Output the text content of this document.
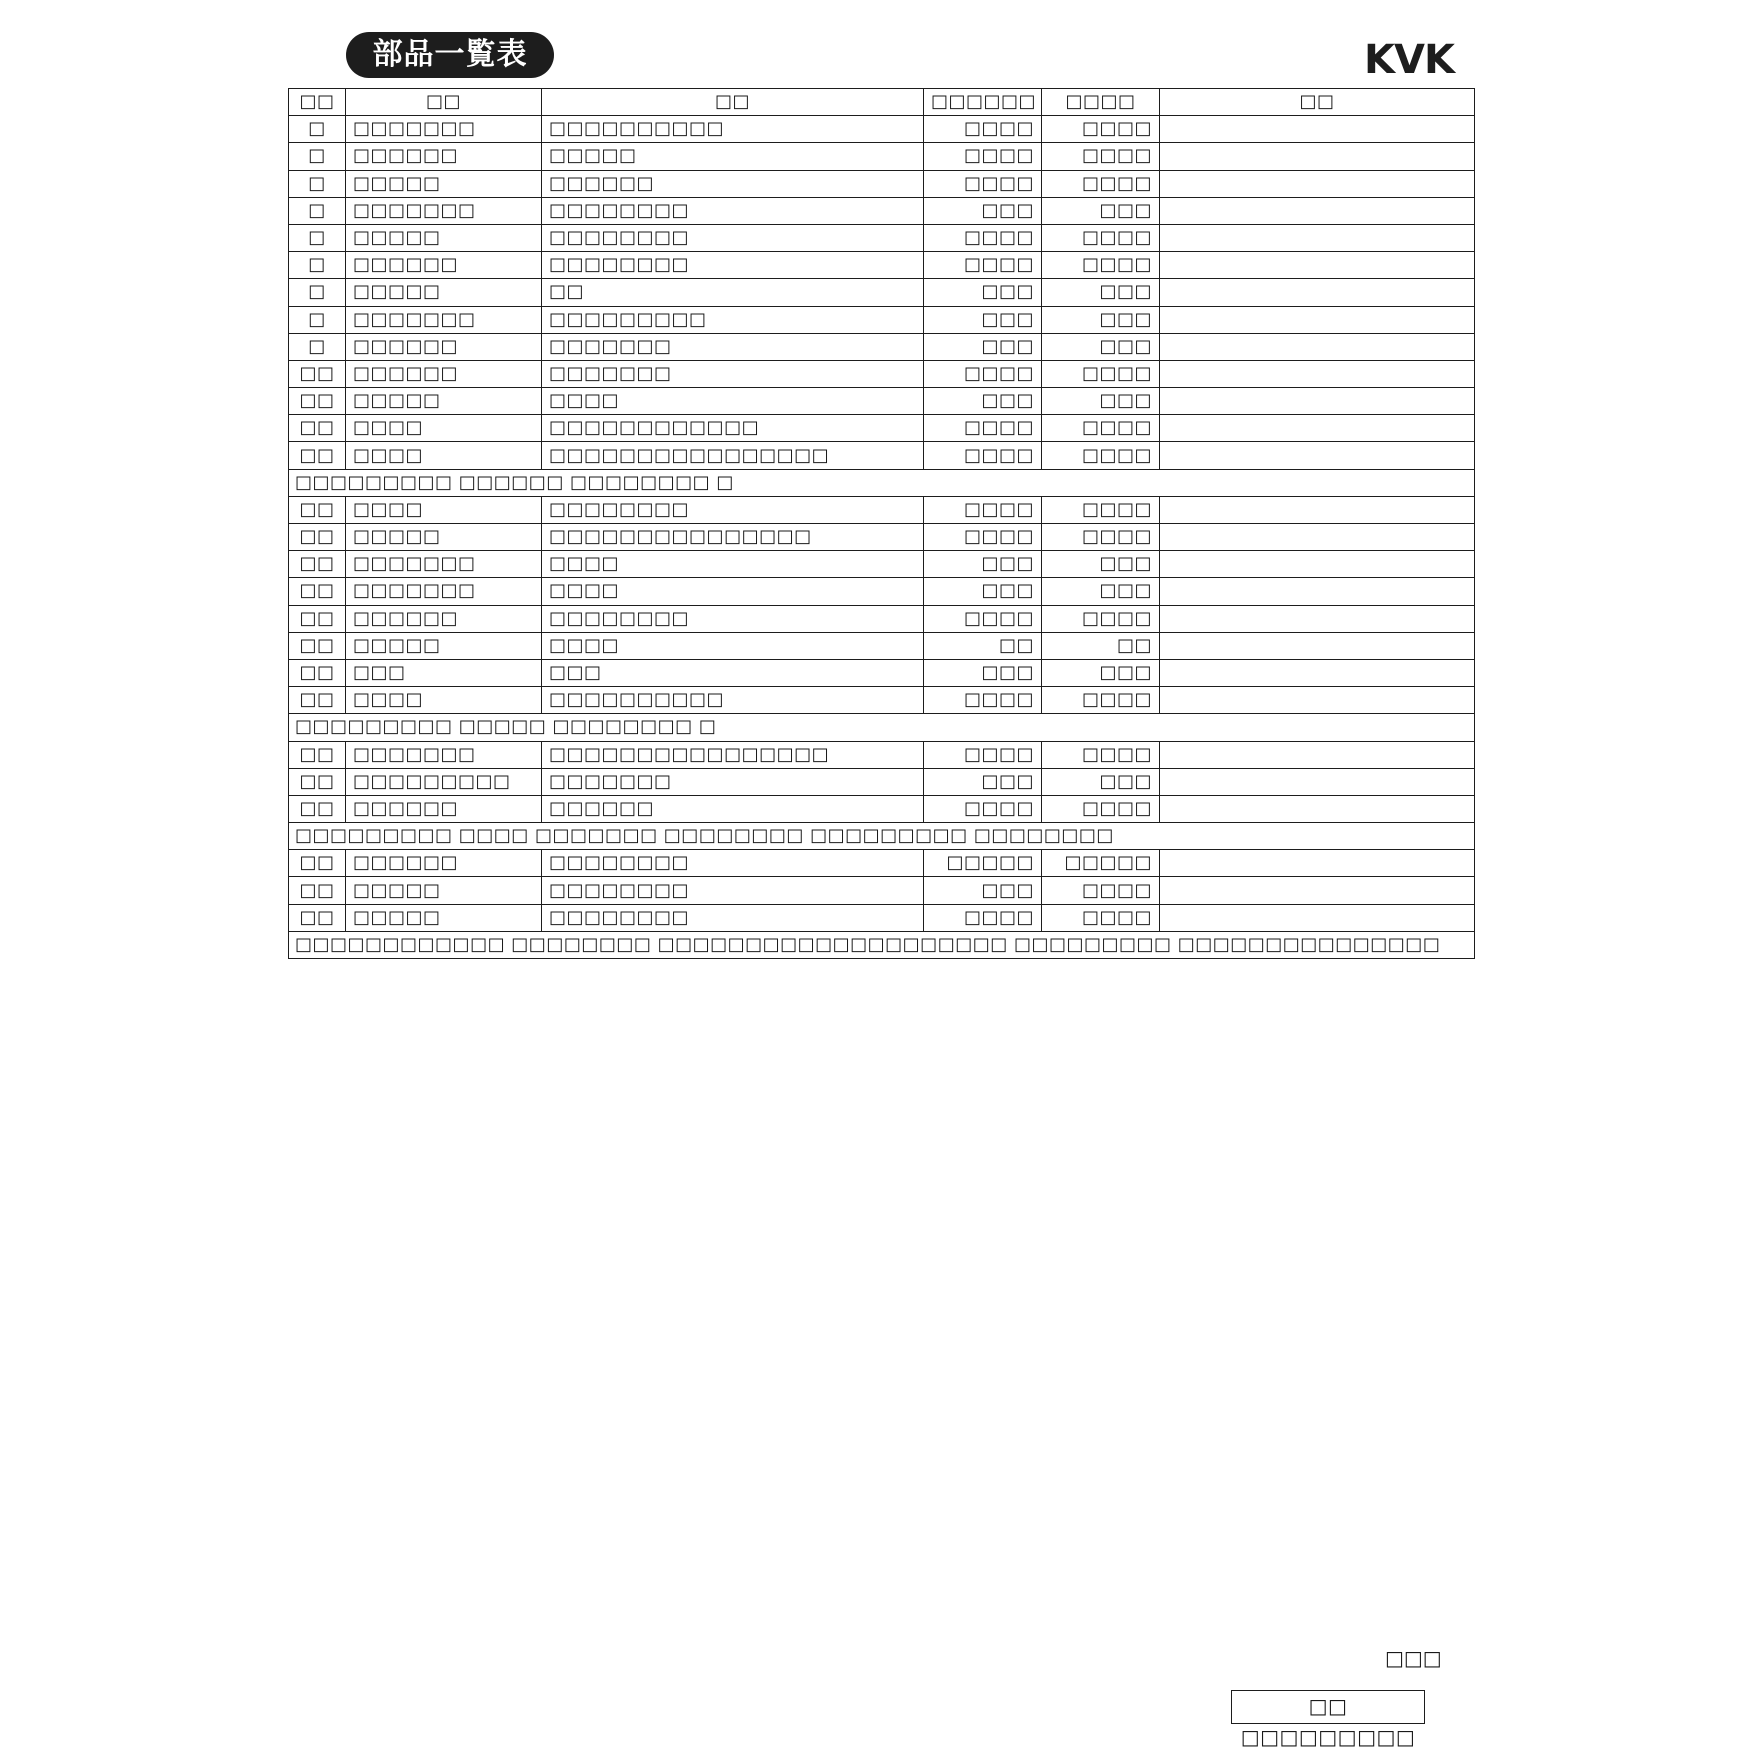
部品一覧表	KVK
□□	□□	□□	□□□□□□	□□□□	□□
□	□□□□□□□	□□□□□□□□□□	□□□□	□□□□	
□	□□□□□□	□□□□□	□□□□	□□□□	
□	□□□□□	□□□□□□	□□□□	□□□□	
□	□□□□□□□	□□□□□□□□	□□□	□□□	
□	□□□□□	□□□□□□□□	□□□□	□□□□	
□	□□□□□□	□□□□□□□□	□□□□	□□□□	
□	□□□□□	□□	□□□	□□□	
□	□□□□□□□	□□□□□□□□□	□□□	□□□	
□	□□□□□□	□□□□□□□	□□□	□□□	
□□	□□□□□□	□□□□□□□	□□□□	□□□□	
□□	□□□□□	□□□□	□□□	□□□	
□□	□□□□	□□□□□□□□□□□□	□□□□	□□□□	
□□	□□□□	□□□□□□□□□□□□□□□□	□□□□	□□□□	
□□□□□□□□□ □□□□□□ □□□□□□□□ □					
□□	□□□□	□□□□□□□□	□□□□	□□□□	
□□	□□□□□	□□□□□□□□□□□□□□□	□□□□	□□□□	
□□	□□□□□□□	□□□□	□□□	□□□	
□□	□□□□□□□	□□□□	□□□	□□□	
□□	□□□□□□	□□□□□□□□	□□□□	□□□□	
□□	□□□□□	□□□□	□□	□□	
□□	□□□	□□□	□□□	□□□	
□□	□□□□	□□□□□□□□□□	□□□□	□□□□	
□□□□□□□□□ □□□□□ □□□□□□□□ □					
□□	□□□□□□□	□□□□□□□□□□□□□□□□	□□□□	□□□□	
□□	□□□□□□□□□	□□□□□□□	□□□	□□□	
□□	□□□□□□	□□□□□□	□□□□	□□□□	
□□□□□□□□□ □□□□ □□□□□□□ □□□□□□□□ □□□□□□□□□ □□□□□□□□					
□□	□□□□□□	□□□□□□□□	□□□□□	□□□□□	
□□	□□□□□	□□□□□□□□	□□□	□□□□	
□□	□□□□□	□□□□□□□□	□□□□	□□□□	
□□□□□□□□□□□□ □□□□□□□□ □□□□□□□□□□□□□□□□□□□□ □□□□□□□□□ □□□□□□□□□□□□□□□					
□□□
□□ □□□□□□□□□
